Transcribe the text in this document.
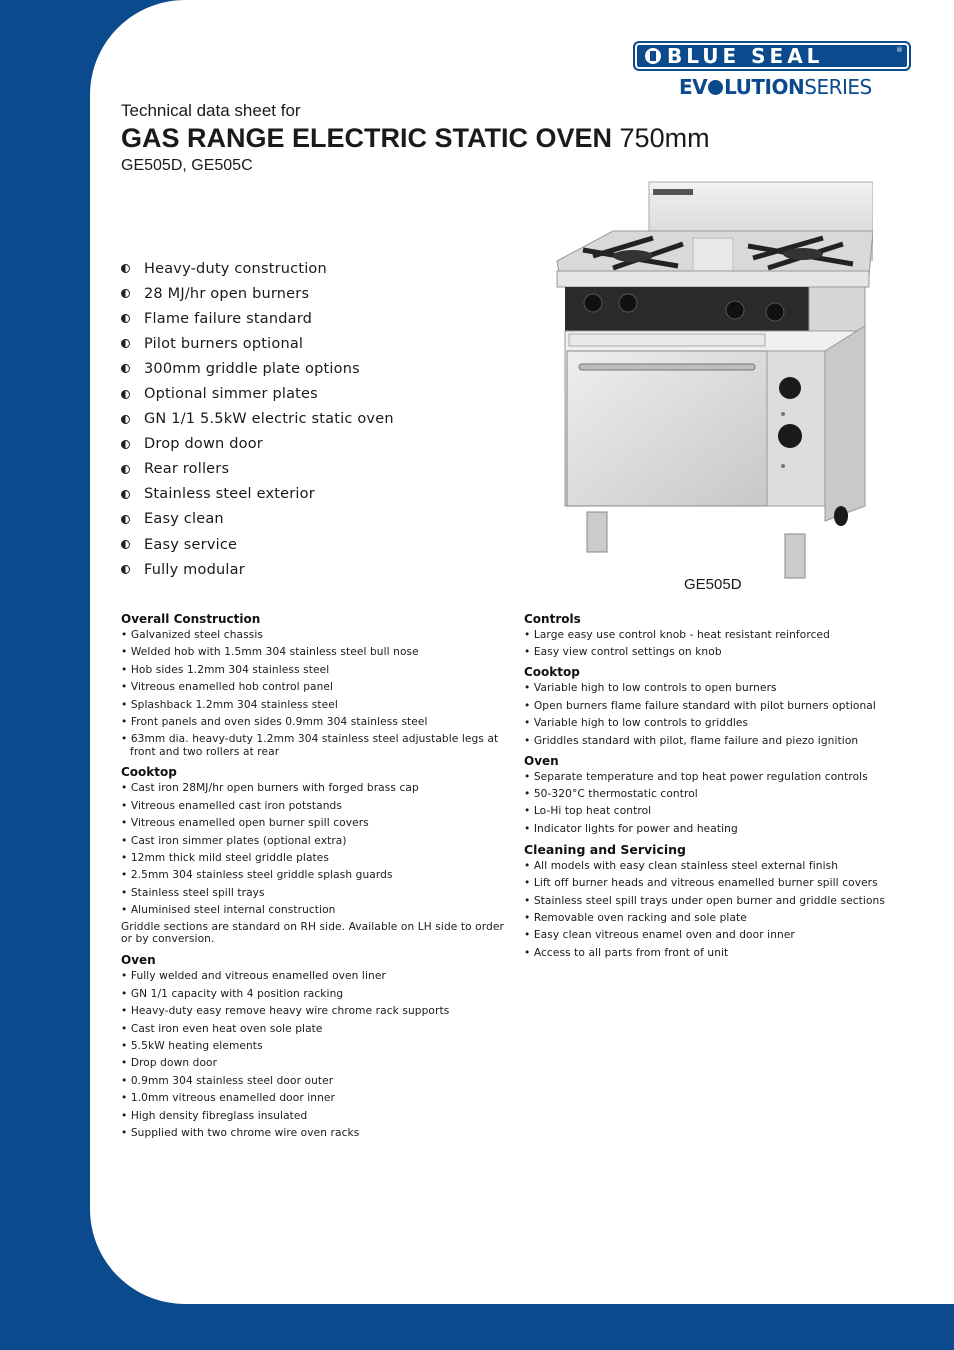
BLUE SEAL	®
EV LUTIONSERIES
Technical data sheet for
GAS RANGE ELECTRIC STATIC OVEN 750mm
GE505D, GE505C
Heavy-duty construction
28 MJ/hr open burners
Flame failure standard
Pilot burners optional
300mm griddle plate options
Optional simmer plates
GN 1/1 5.5kW electric static oven
Drop down door
Rear rollers
Stainless steel exterior
Easy clean
Easy service
Fully modular
GE505D
Overall Construction
• Galvanized steel chassis
• Welded hob with 1.5mm 304 stainless steel bull nose
• Hob sides 1.2mm 304 stainless steel
• Vitreous enamelled hob control panel
• Splashback 1.2mm 304 stainless steel
• Front panels and oven sides 0.9mm 304 stainless steel
• 63mm dia. heavy-duty 1.2mm 304 stainless steel adjustable legs at front and two rollers at rear
Cooktop
• Cast iron 28MJ/hr open burners with forged brass cap
• Vitreous enamelled cast iron potstands
• Vitreous enamelled open burner spill covers
• Cast iron simmer plates (optional extra)
• 12mm thick mild steel griddle plates
• 2.5mm 304 stainless steel griddle splash guards
• Stainless steel spill trays
• Aluminised steel internal construction
Griddle sections are standard on RH side. Available on LH side to order or by conversion.
Oven
• Fully welded and vitreous enamelled oven liner
• GN 1/1 capacity with 4 position racking
• Heavy-duty easy remove heavy wire chrome rack supports
• Cast iron even heat oven sole plate
• 5.5kW heating elements
• Drop down door
• 0.9mm 304 stainless steel door outer
• 1.0mm vitreous enamelled door inner
• High density fibreglass insulated
• Supplied with two chrome wire oven racks
Controls
• Large easy use control knob - heat resistant reinforced
• Easy view control settings on knob
Cooktop
• Variable high to low controls to open burners
• Open burners flame failure standard with pilot burners optional
• Variable high to low controls to griddles
• Griddles standard with pilot, flame failure and piezo ignition
Oven
• Separate temperature and top heat power regulation controls
• 50-320°C thermostatic control
• Lo-Hi top heat control
• Indicator lights for power and heating
Cleaning and Servicing
• All models with easy clean stainless steel external finish
• Lift off burner heads and vitreous enamelled burner spill covers
• Stainless steel spill trays under open burner and griddle sections
• Removable oven racking and sole plate
• Easy clean vitreous enamel oven and door inner
• Access to all parts from front of unit
